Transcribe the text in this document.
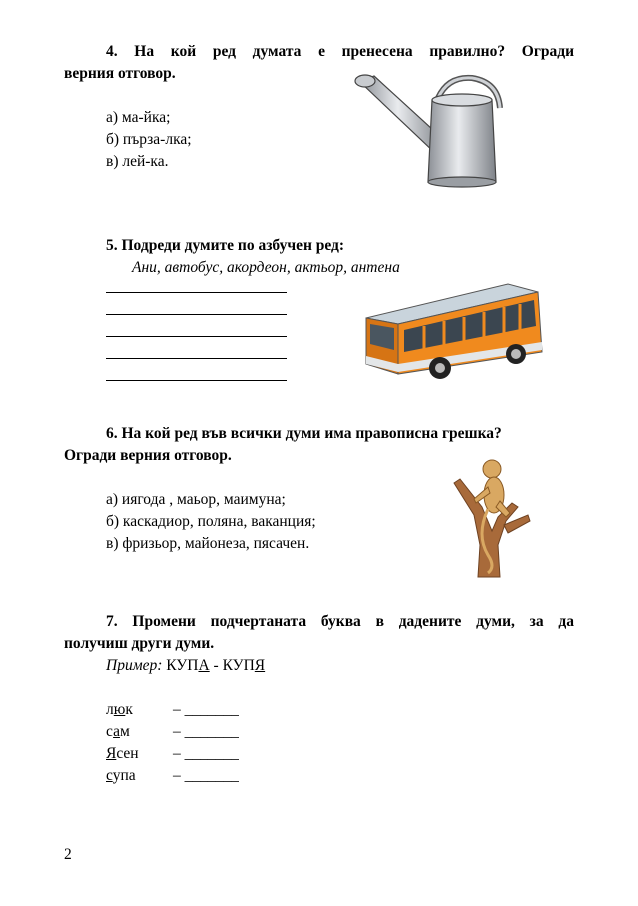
4. На кой ред думата е пренесена правилно? Огради
верния отговор.
а) ма-йка;
б) пърза-лка;
в) лей-ка.
5. Подреди думите по азбучен ред:
Ани, автобус, акордеон, актьор, антена
6. На кой ред във всички думи има правописна грешка?
Огради верния отговор.
а) иягода , маьор, маимуна;
б) каскадиор, поляна, ваканция;
в) фризьор, майонеза, пясачен.
7. Промени подчертаната буква в дадените думи, за да
получиш други думи.
Пример: КУПА - КУПЯ
люк	– _______
сам	– _______
Ясен – _______
супа – _______
2
